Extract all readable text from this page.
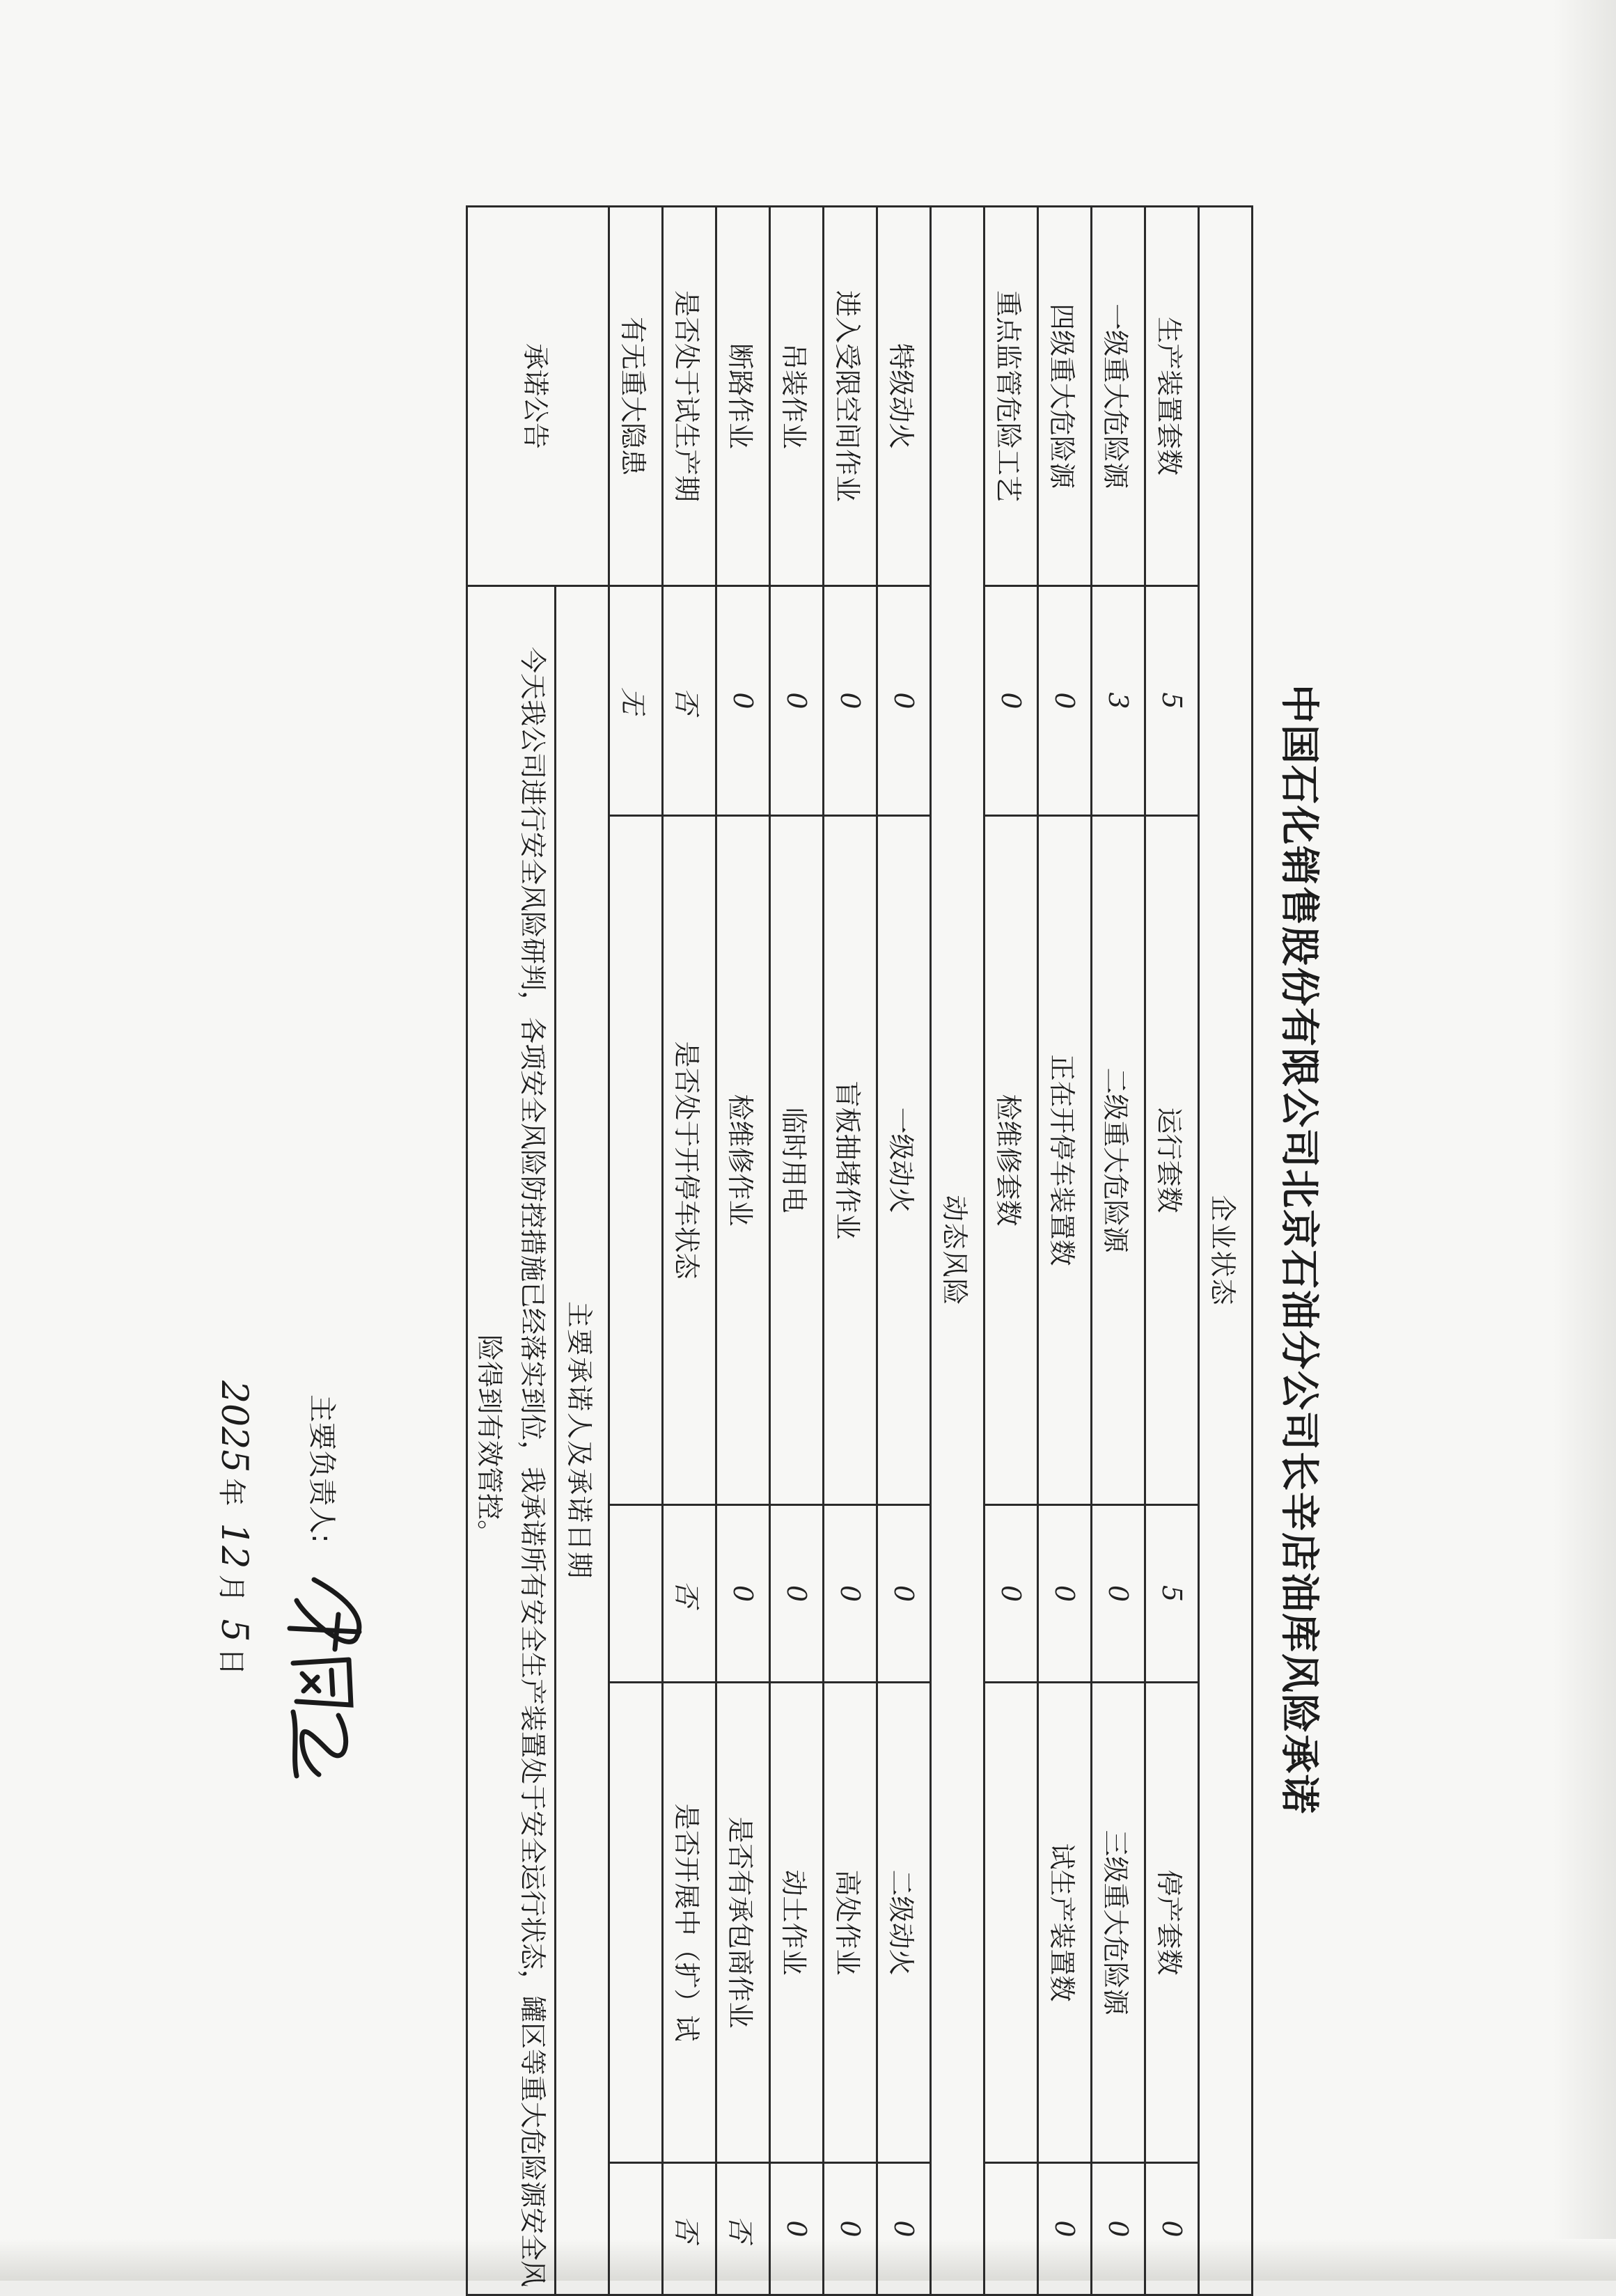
中国石化销售股份有限公司北京石油分公司长辛店油库风险承诺
企业状态					
生产装置套数	5	运行套数	5	停产套数	0
一级重大危险源	3	二级重大危险源	0	三级重大危险源	0
四级重大危险源	0	正在开停车装置数	0	试生产装置数	0
重点监管危险工艺	0	检维修套数	0		
动态风险					
特级动火	0	一级动火	0	二级动火	0
进入受限空间作业	0	盲板抽堵作业	0	高处作业	0
吊装作业	0	临时用电	0	动土作业	0
断路作业	0	检维修作业	0	是否有承包商作业	否
是否处于试生产期	否	是否处于开停车状态	否	是否开展中（扩）试	否
有无重大隐患	无				
承诺公告	主要承诺人及承诺日期				

	今天我公司进行安全风险研判，各项安全风险防控措施已经落实到位，我承诺所有安全生产装置处于安全运行状态，罐区等重大危险源安全风险得到有效管控。

主要负责人:
2025年12月5日				
